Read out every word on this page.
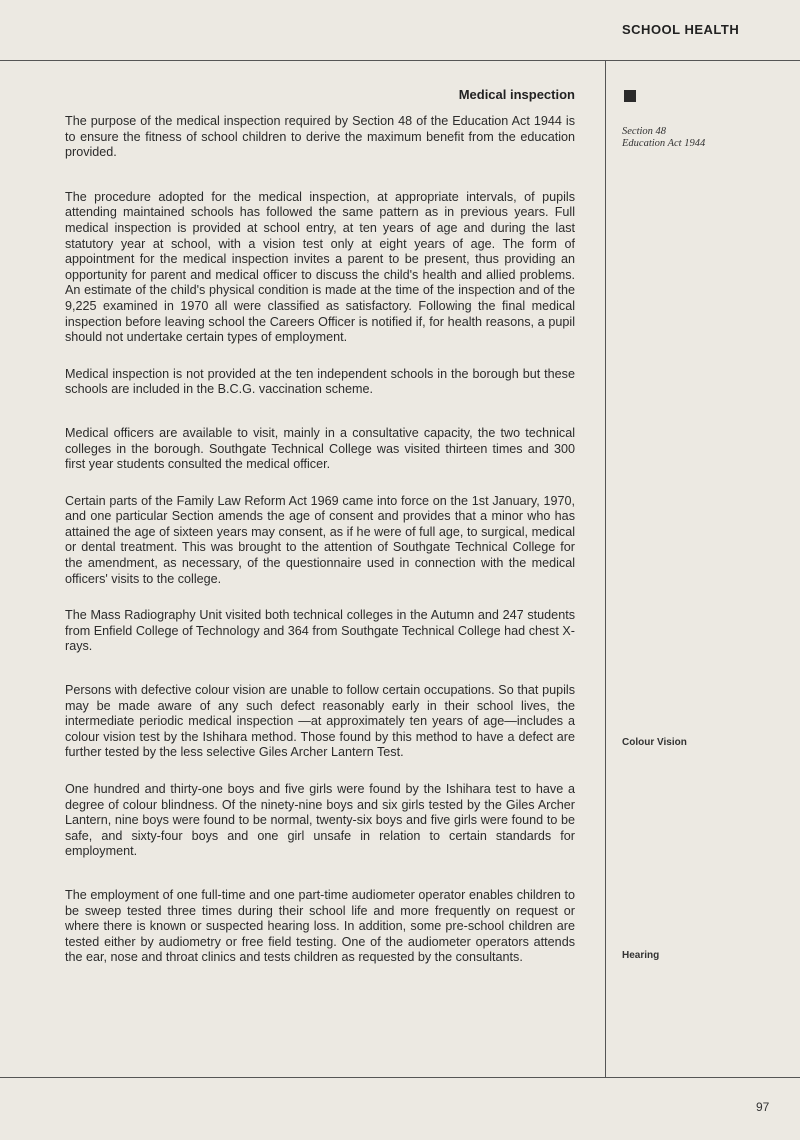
SCHOOL HEALTH
Medical inspection

The purpose of the medical inspection required by Section 48 of the Education Act 1944 is to ensure the fitness of school children to derive the maximum benefit from the education provided.

The procedure adopted for the medical inspection, at appropriate intervals, of pupils attending maintained schools has followed the same pattern as in previous years. Full medical inspection is provided at school entry, at ten years of age and during the last statutory year at school, with a vision test only at eight years of age. The form of appointment for the medical inspection invites a parent to be present, thus providing an opportunity for parent and medical officer to discuss the child's health and allied problems. An estimate of the child's physical condition is made at the time of the inspection and of the 9,225 examined in 1970 all were classified as satisfactory. Following the final medical inspection before leaving school the Careers Officer is notified if, for health reasons, a pupil should not undertake certain types of employment.

Medical inspection is not provided at the ten independent schools in the borough but these schools are included in the B.C.G. vaccination scheme.

Medical officers are available to visit, mainly in a consultative capacity, the two technical colleges in the borough. Southgate Technical College was visited thirteen times and 300 first year students consulted the medical officer.

Certain parts of the Family Law Reform Act 1969 came into force on the 1st January, 1970, and one particular Section amends the age of consent and provides that a minor who has attained the age of sixteen years may consent, as if he were of full age, to surgical, medical or dental treatment. This was brought to the attention of Southgate Technical College for the amendment, as necessary, of the questionnaire used in connection with the medical officers' visits to the college.

The Mass Radiography Unit visited both technical colleges in the Autumn and 247 students from Enfield College of Technology and 364 from Southgate Technical College had chest X-rays.

Persons with defective colour vision are unable to follow certain occupations. So that pupils may be made aware of any such defect reasonably early in their school lives, the intermediate periodic medical inspection —at approximately ten years of age—includes a colour vision test by the Ishihara method. Those found by this method to have a defect are further tested by the less selective Giles Archer Lantern Test.

One hundred and thirty-one boys and five girls were found by the Ishihara test to have a degree of colour blindness. Of the ninety-nine boys and six girls tested by the Giles Archer Lantern, nine boys were found to be normal, twenty-six boys and five girls were found to be safe, and sixty-four boys and one girl unsafe in relation to certain standards for employment.

The employment of one full-time and one part-time audiometer operator enables children to be sweep tested three times during their school life and more frequently on request or where there is known or suspected hearing loss. In addition, some pre-school children are tested either by audiometry or free field testing. One of the audiometer operators attends the ear, nose and throat clinics and tests children as requested by the consultants.

Section 48
Education Act 1944
Colour Vision
Hearing
97
